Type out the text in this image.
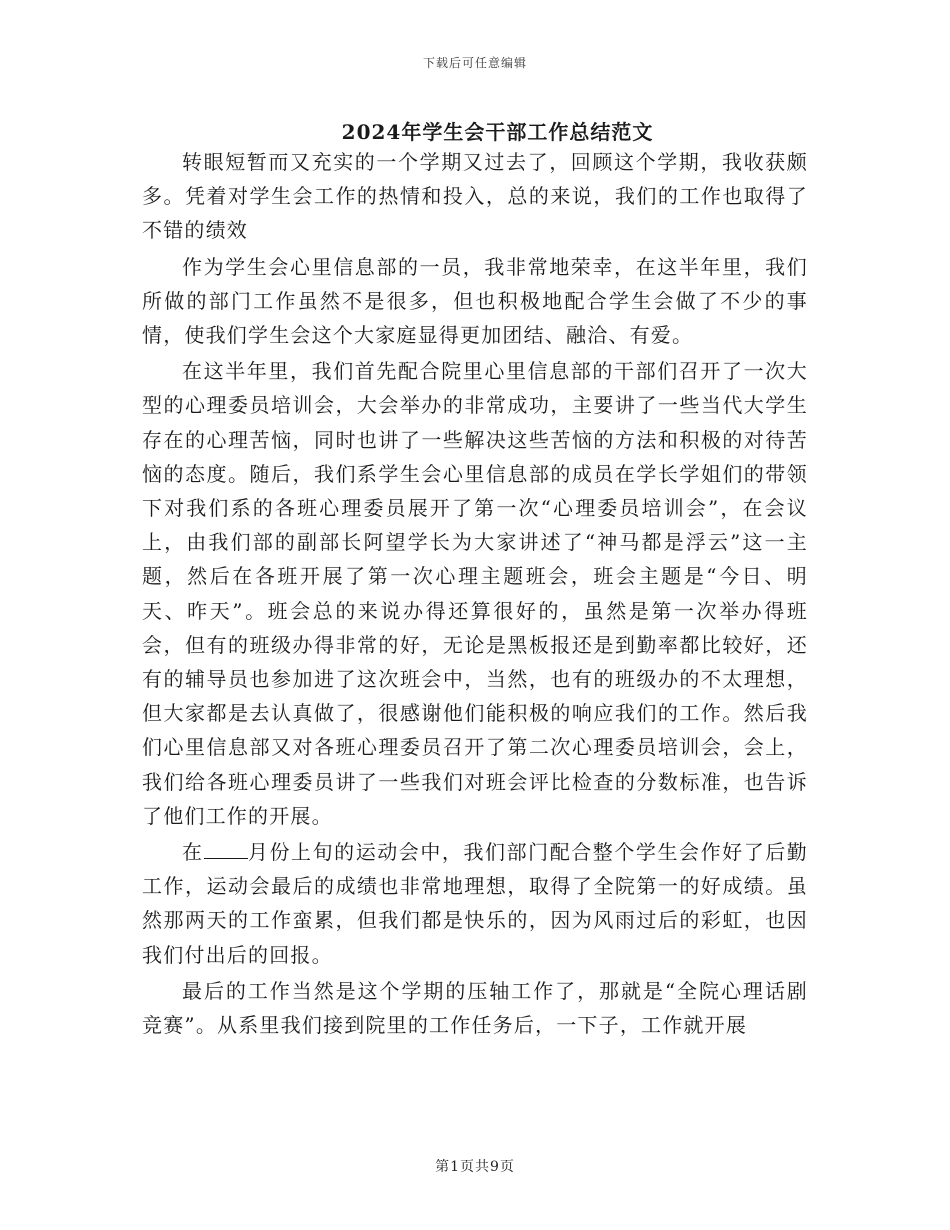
下载后可任意编辑
2024年学生会干部工作总结范文

转眼短暂而又充实的一个学期又过去了，回顾这个学期，我收获颇多。凭着对学生会工作的热情和投入，总的来说，我们的工作也取得了不错的绩效

作为学生会心里信息部的一员，我非常地荣幸，在这半年里，我们所做的部门工作虽然不是很多，但也积极地配合学生会做了不少的事情，使我们学生会这个大家庭显得更加团结、融洽、有爱。

在这半年里，我们首先配合院里心里信息部的干部们召开了一次大型的心理委员培训会，大会举办的非常成功，主要讲了一些当代大学生存在的心理苦恼，同时也讲了一些解决这些苦恼的方法和积极的对待苦恼的态度。随后，我们系学生会心里信息部的成员在学长学姐们的带领下对我们系的各班心理委员展开了第一次“心理委员培训会”，在会议上，由我们部的副部长阿望学长为大家讲述了“神马都是浮云”这一主题，然后在各班开展了第一次心理主题班会，班会主题是“今日、明天、昨天”。班会总的来说办得还算很好的，虽然是第一次举办得班会，但有的班级办得非常的好，无论是黑板报还是到勤率都比较好，还有的辅导员也参加进了这次班会中，当然，也有的班级办的不太理想，但大家都是去认真做了，很感谢他们能积极的响应我们的工作。然后我们心里信息部又对各班心理委员召开了第二次心理委员培训会，会上，我们给各班心理委员讲了一些我们对班会评比检查的分数标准，也告诉了他们工作的开展。

在 月份上旬的运动会中，我们部门配合整个学生会作好了后勤工作，运动会最后的成绩也非常地理想，取得了全院第一的好成绩。虽然那两天的工作蛮累，但我们都是快乐的，因为风雨过后的彩虹，也因我们付出后的回报。

最后的工作当然是这个学期的压轴工作了，那就是“全院心理话剧竞赛”。从系里我们接到院里的工作任务后，一下子，工作就开展

第1页共9页
